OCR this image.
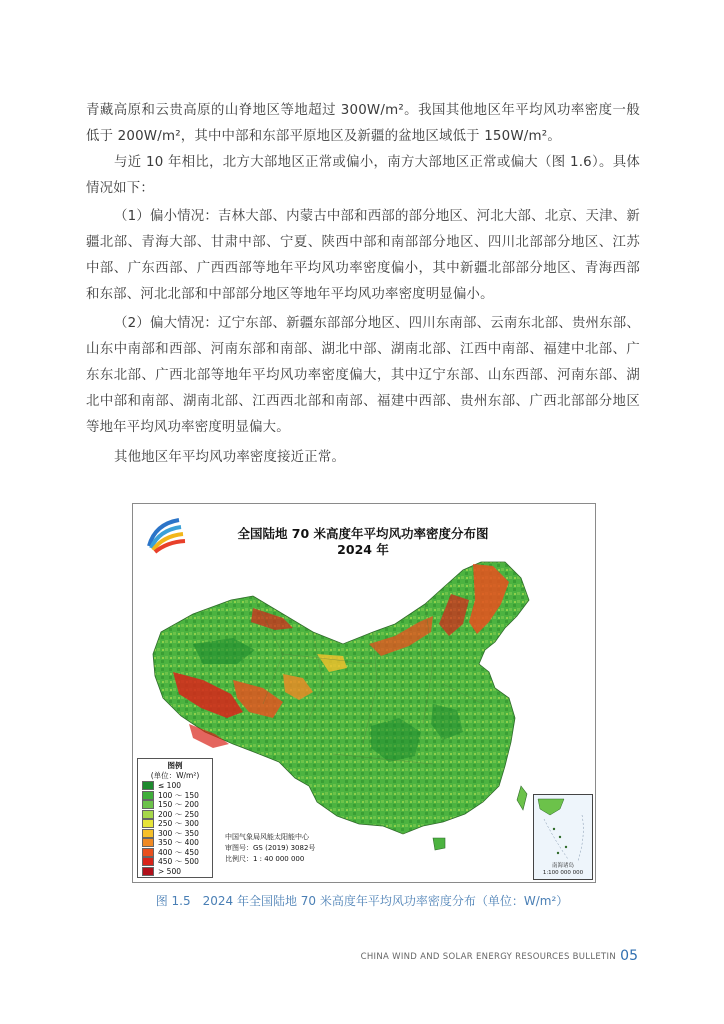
青藏高原和云贵高原的山脊地区等地超过 300W/m²。我国其他地区年平均风功率密度一般低于 200W/m²，其中中部和东部平原地区及新疆的盆地区域低于 150W/m²。

与近 10 年相比，北方大部地区正常或偏小，南方大部地区正常或偏大（图 1.6）。具体情况如下：

（1）偏小情况：吉林大部、内蒙古中部和西部的部分地区、河北大部、北京、天津、新疆北部、青海大部、甘肃中部、宁夏、陕西中部和南部部分地区、四川北部部分地区、江苏中部、广东西部、广西西部等地年平均风功率密度偏小，其中新疆北部部分地区、青海西部和东部、河北北部和中部部分地区等地年平均风功率密度明显偏小。

（2）偏大情况：辽宁东部、新疆东部部分地区、四川东南部、云南东北部、贵州东部、山东中南部和西部、河南东部和南部、湖北中部、湖南北部、江西中南部、福建中北部、广东东北部、广西北部等地年平均风功率密度偏大，其中辽宁东部、山东西部、河南东部、湖北中部和南部、湖南北部、江西西北部和南部、福建中西部、贵州东部、广西北部部分地区等地年平均风功率密度明显偏大。

其他地区年平均风功率密度接近正常。

全国陆地 70 米高度年平均风功率密度分布图
2024 年
图例
(单位：W/m²)
≤ 100
100 ～ 150
150 ～ 200
200 ～ 250
250 ～ 300
300 ～ 350
350 ～ 400
400 ～ 450
450 ～ 500
> 500
中国气象局风能太阳能中心
审图号：GS (2019) 3082号
比例尺：1 : 40 000 000
南海诸岛
1:100 000 000
图 1.5　2024 年全国陆地 70 米高度年平均风功率密度分布（单位：W/m²）
CHINA WIND AND SOLAR ENERGY RESOURCES BULLETIN 05
